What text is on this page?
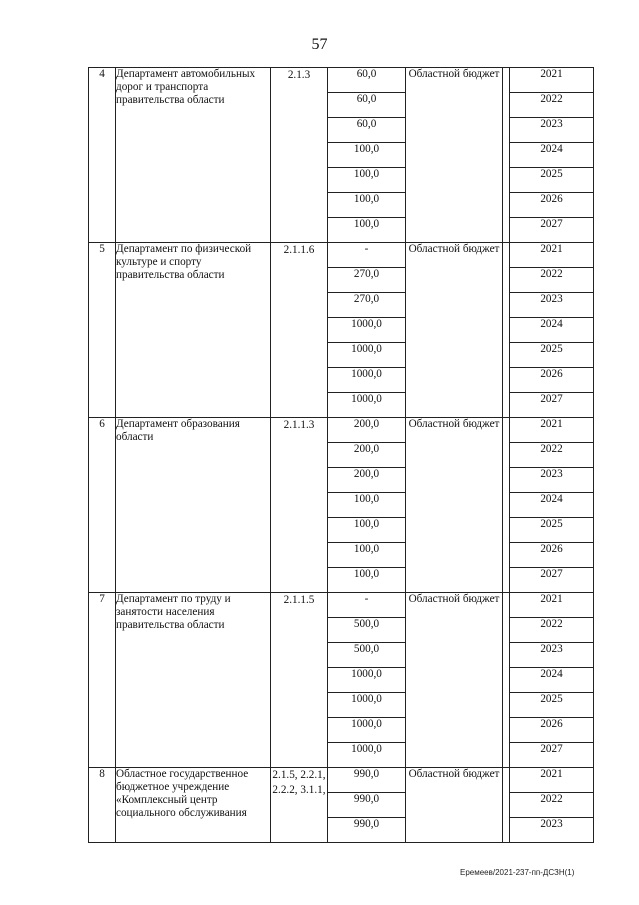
57
4	Департамент автомобильных дорог и транспорта правительства области	2.1.3	60,0	Областной бюджет		2021
			60,0			2022
			60,0			2023
			100,0			2024
			100,0			2025
			100,0			2026
			100,0			2027
5	Департамент по физической культуре и спорту правительства области	2.1.1.6	-	Областной бюджет		2021
			270,0			2022
			270,0			2023
			1000,0			2024
			1000,0			2025
			1000,0			2026
			1000,0			2027
6	Департамент образования области	2.1.1.3	200,0	Областной бюджет		2021
			200,0			2022
			200,0			2023
			100,0			2024
			100,0			2025
			100,0			2026
			100,0			2027
7	Департамент по труду и занятости населения правительства области	2.1.1.5	-	Областной бюджет		2021
			500,0			2022
			500,0			2023
			1000,0			2024
			1000,0			2025
			1000,0			2026
			1000,0			2027
8	Областное государственное бюджетное учреждение «Комплексный центр социального обслуживания	2.1.5, 2.2.1, 2.2.2, 3.1.1,	990,0	Областной бюджет		2021
			990,0			2022
			990,0			2023
Еремеев/2021-237-пп-ДСЗН(1)
